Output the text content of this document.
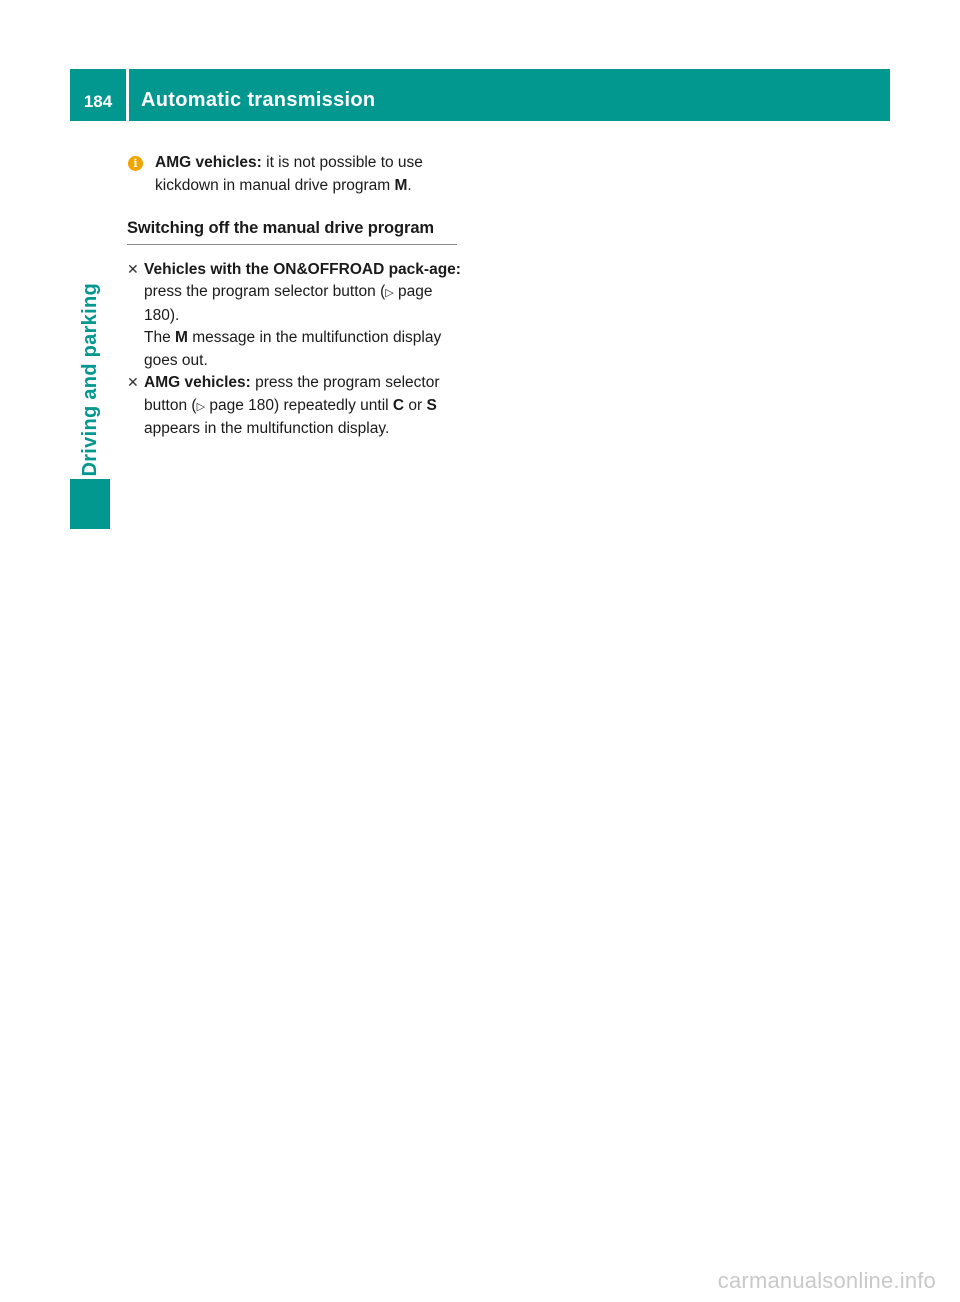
184	Automatic transmission
Driving and parking
i	AMG vehicles: it is not possible to use kickdown in manual drive program M.

Switching off the manual drive program
✕ Vehicles with the ON&OFFROAD pack‐age: press the program selector button (▷ page 180).
The M message in the multifunction display goes out.

✕ AMG vehicles: press the program selector button (▷ page 180) repeatedly until C or S appears in the multifunction display.

carmanualsonline.info
